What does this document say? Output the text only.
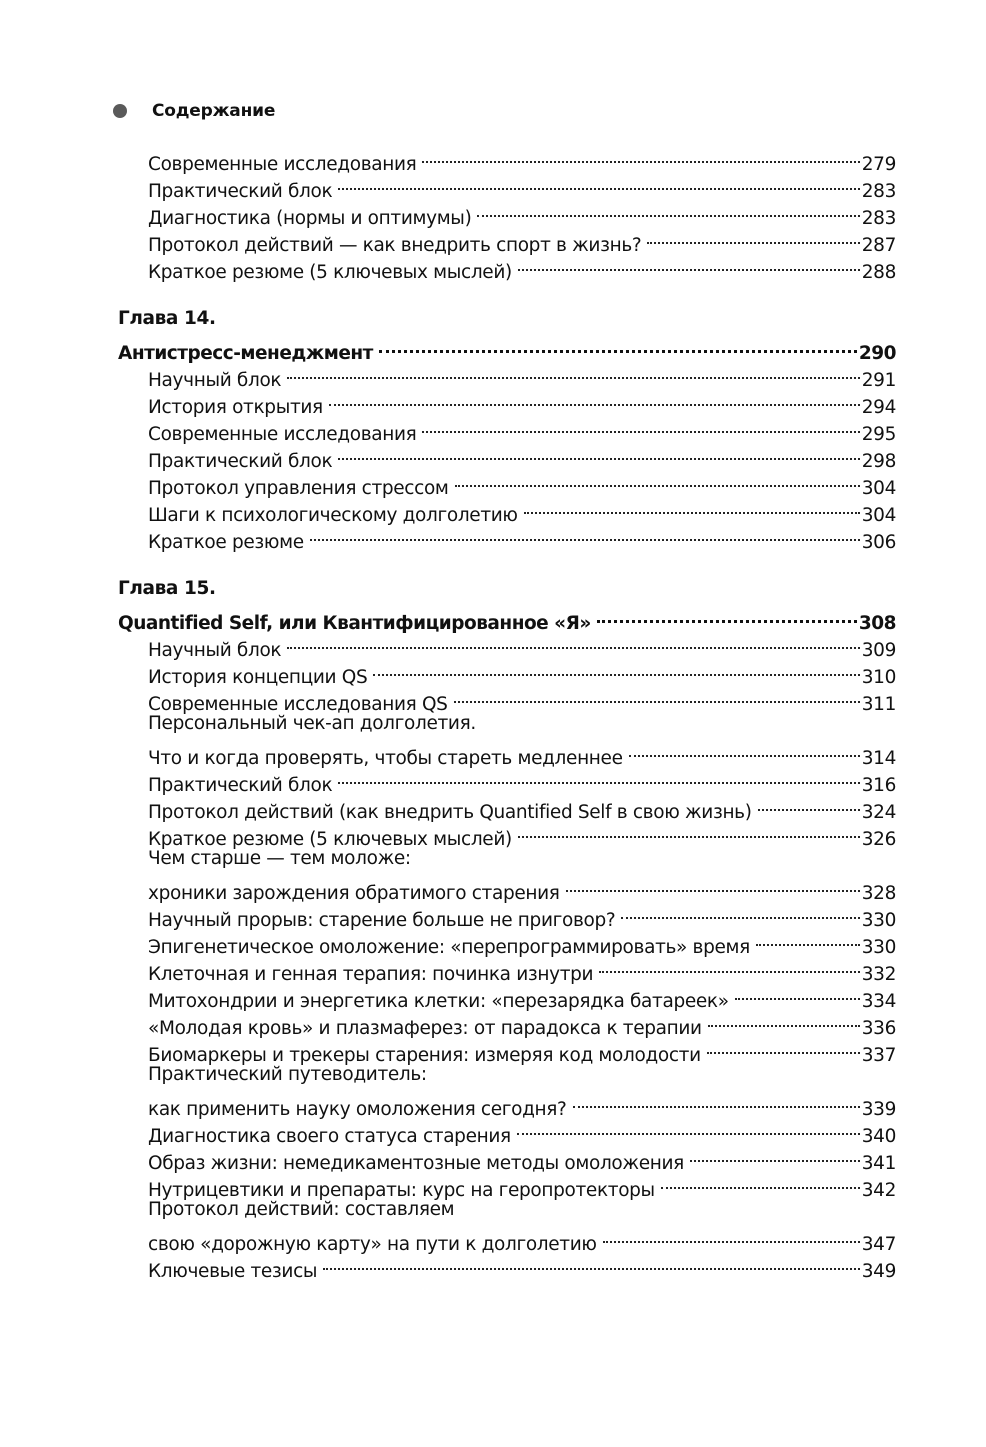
Содержание
Современные исследования	279
Практический блок	283
Диагностика (нормы и оптимумы)	283
Протокол действий — как внедрить спорт в жизнь?	287
Краткое резюме (5 ключевых мыслей)	288
Глава 14.
Антистресс-менеджмент	290
Научный блок	291
История открытия	294
Современные исследования	295
Практический блок	298
Протокол управления стрессом	304
Шаги к психологическому долголетию	304
Краткое резюме	306
Глава 15.
Quantified Self, или Квантифицированное «Я»	308
Научный блок	309
История концепции QS	310
Современные исследования QS	311
Персональный чек-ап долголетия.
Что и когда проверять, чтобы стареть медленнее	314
Практический блок	316
Протокол действий (как внедрить Quantified Self в свою жизнь)	324
Краткое резюме (5 ключевых мыслей)	326
Чем старше — тем моложе:
хроники зарождения обратимого старения	328
Научный прорыв: старение больше не приговор?	330
Эпигенетическое омоложение: «перепрограммировать» время	330
Клеточная и генная терапия: починка изнутри	332
Митохондрии и энергетика клетки: «перезарядка батареек»	334
«Молодая кровь» и плазмаферез: от парадокса к терапии	336
Биомаркеры и трекеры старения: измеряя код молодости	337
Практический путеводитель:
как применить науку омоложения сегодня?	339
Диагностика своего статуса старения	340
Образ жизни: немедикаментозные методы омоложения	341
Нутрицевтики и препараты: курс на геропротекторы	342
Протокол действий: составляем
свою «дорожную карту» на пути к долголетию	347
Ключевые тезисы	349
